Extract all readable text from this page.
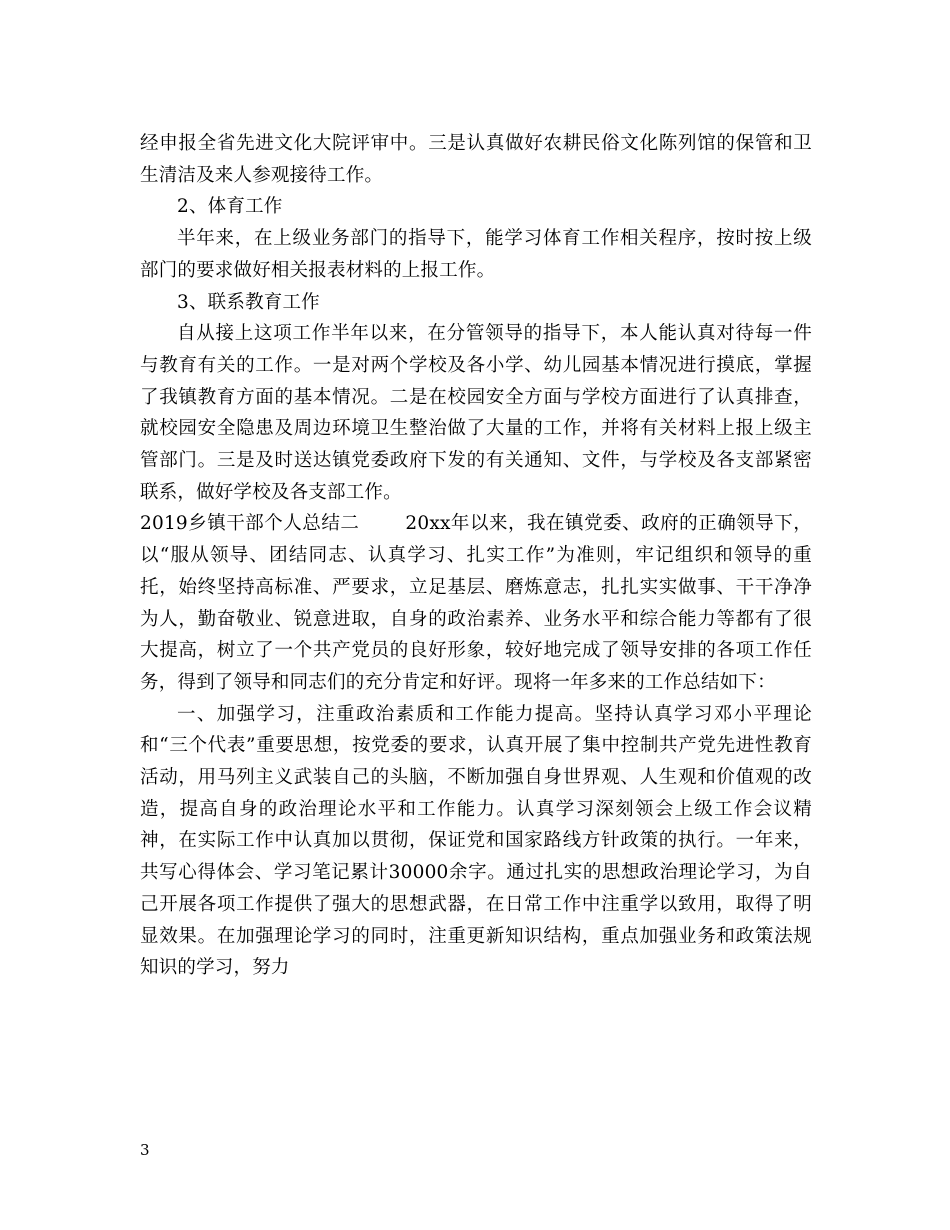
经申报全省先进文化大院评审中。三是认真做好农耕民俗文化陈列馆的保管和卫生清洁及来人参观接待工作。

2、体育工作

半年来，在上级业务部门的指导下，能学习体育工作相关程序，按时按上级部门的要求做好相关报表材料的上报工作。

3、联系教育工作

自从接上这项工作半年以来，在分管领导的指导下，本人能认真对待每一件与教育有关的工作。一是对两个学校及各小学、幼儿园基本情况进行摸底，掌握了我镇教育方面的基本情况。二是在校园安全方面与学校方面进行了认真排查，就校园安全隐患及周边环境卫生整治做了大量的工作，并将有关材料上报上级主管部门。三是及时送达镇党委政府下发的有关通知、文件，与学校及各支部紧密联系，做好学校及各支部工作。

2019乡镇干部个人总结二 20xx年以来，我在镇党委、政府的正确领导下，以“服从领导、团结同志、认真学习、扎实工作”为准则，牢记组织和领导的重托，始终坚持高标准、严要求，立足基层、磨炼意志，扎扎实实做事、干干净净为人，勤奋敬业、锐意进取，自身的政治素养、业务水平和综合能力等都有了很大提高，树立了一个共产党员的良好形象，较好地完成了领导安排的各项工作任务，得到了领导和同志们的充分肯定和好评。现将一年多来的工作总结如下：

一、加强学习，注重政治素质和工作能力提高。坚持认真学习邓小平理论和“三个代表”重要思想，按党委的要求，认真开展了集中控制共产党先进性教育活动，用马列主义武装自己的头脑，不断加强自身世界观、人生观和价值观的改造，提高自身的政治理论水平和工作能力。认真学习深刻领会上级工作会议精神，在实际工作中认真加以贯彻，保证党和国家路线方针政策的执行。一年来，共写心得体会、学习笔记累计30000余字。通过扎实的思想政治理论学习，为自己开展各项工作提供了强大的思想武器，在日常工作中注重学以致用，取得了明显效果。在加强理论学习的同时，注重更新知识结构，重点加强业务和政策法规知识的学习，努力

3
